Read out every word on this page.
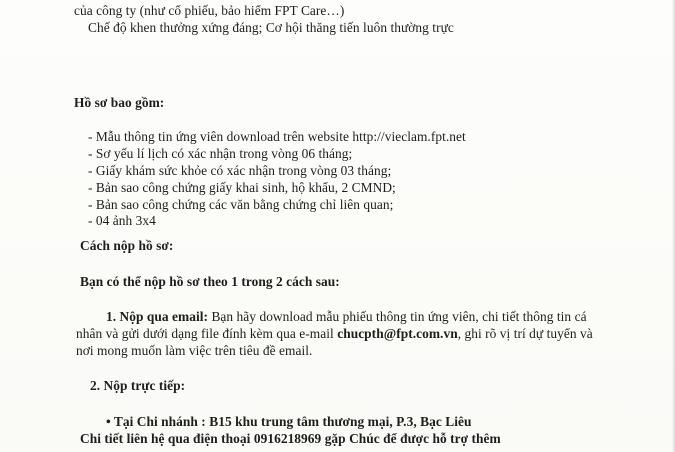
của công ty (như cổ phiếu, bảo hiểm FPT Care…)
Chế độ khen thưởng xứng đáng; Cơ hội thăng tiến luôn thường trực
Hồ sơ bao gồm:
- Mẫu thông tin ứng viên download trên website http://vieclam.fpt.net
- Sơ yếu lí lịch có xác nhận trong vòng 06 tháng;
- Giấy khám sức khỏe có xác nhận trong vòng 03 tháng;
- Bản sao công chứng giấy khai sinh, hộ khẩu, 2 CMND;
- Bản sao công chứng các văn bằng chứng chỉ liên quan;
- 04 ảnh 3x4
Cách nộp hồ sơ:
Bạn có thể nộp hồ sơ theo 1 trong 2 cách sau:
1. Nộp qua email: Bạn hãy download mẫu phiếu thông tin ứng viên, chi tiết thông tin cá
nhân và gửi dưới dạng file đính kèm qua e-mail chucpth@fpt.com.vn, ghi rõ vị trí dự tuyển và
nơi mong muốn làm việc trên tiêu đề email.
2. Nộp trực tiếp:
• Tại Chi nhánh : B15 khu trung tâm thương mại, P.3, Bạc Liêu
Chi tiết liên hệ qua điện thoại 0916218969 gặp Chúc để được hỗ trợ thêm
